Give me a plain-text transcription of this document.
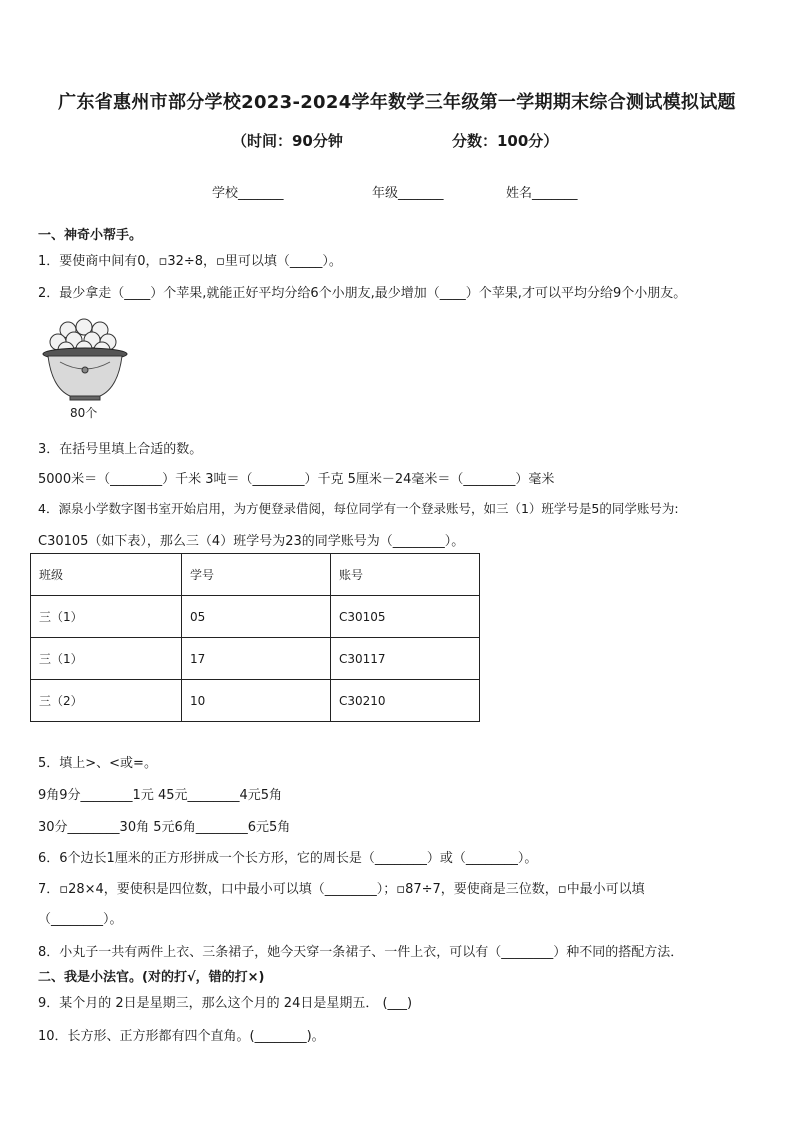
广东省惠州市部分学校2023-2024学年数学三年级第一学期期末综合测试模拟试题
（时间：90分钟	分数：100分）
学校_______	年级_______	姓名_______
一、神奇小帮手。
1．要使商中间有0，▫32÷8，▫里可以填（_____）。
2．最少拿走（____）个苹果,就能正好平均分给6个小朋友,最少增加（____）个苹果,才可以平均分给9个小朋友。
80个
3．在括号里填上合适的数。
5000米＝（________）千米 3吨＝（________）千克 5厘米－24毫米＝（________）毫米
4．源泉小学数字图书室开始启用，为方便登录借阅，每位同学有一个登录账号，如三（1）班学号是5的同学账号为:
C30105（如下表），那么三（4）班学号为23的同学账号为（________）。
班级	学号	账号
三（1）	05	C30105
三（1）	17	C30117
三（2）	10	C30210
5．填上>、<或=。
9角9分________1元 45元________4元5角
30分________30角 5元6角________6元5角
6．6个边长1厘米的正方形拼成一个长方形，它的周长是（________）或（________）。
7．▫28×4，要使积是四位数，口中最小可以填（________）；▫87÷7，要使商是三位数，▫中最小可以填
（________）。
8．小丸子一共有两件上衣、三条裙子，她今天穿一条裙子、一件上衣，可以有（________）种不同的搭配方法．
二、我是小法官。(对的打√，错的打×)
9．某个月的 2日是星期三，那么这个月的 24日是星期五． (___)
10．长方形、正方形都有四个直角。(________)。
